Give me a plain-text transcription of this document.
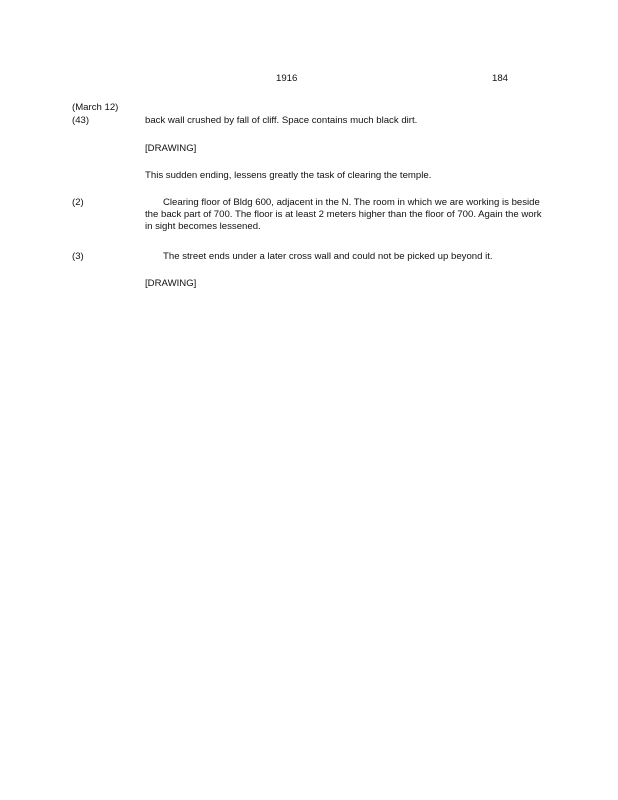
1916	184
(March 12)
(43)	back wall crushed by fall of cliff. Space contains much black dirt.
[DRAWING]
This sudden ending, lessens greatly the task of clearing the temple.
(2)	Clearing floor of Bldg 600, adjacent in the N. The room in which we are working is beside the back part of 700. The floor is at least 2 meters higher than the floor of 700. Again the work in sight becomes lessened.
(3)	The street ends under a later cross wall and could not be picked up beyond it.
[DRAWING]
